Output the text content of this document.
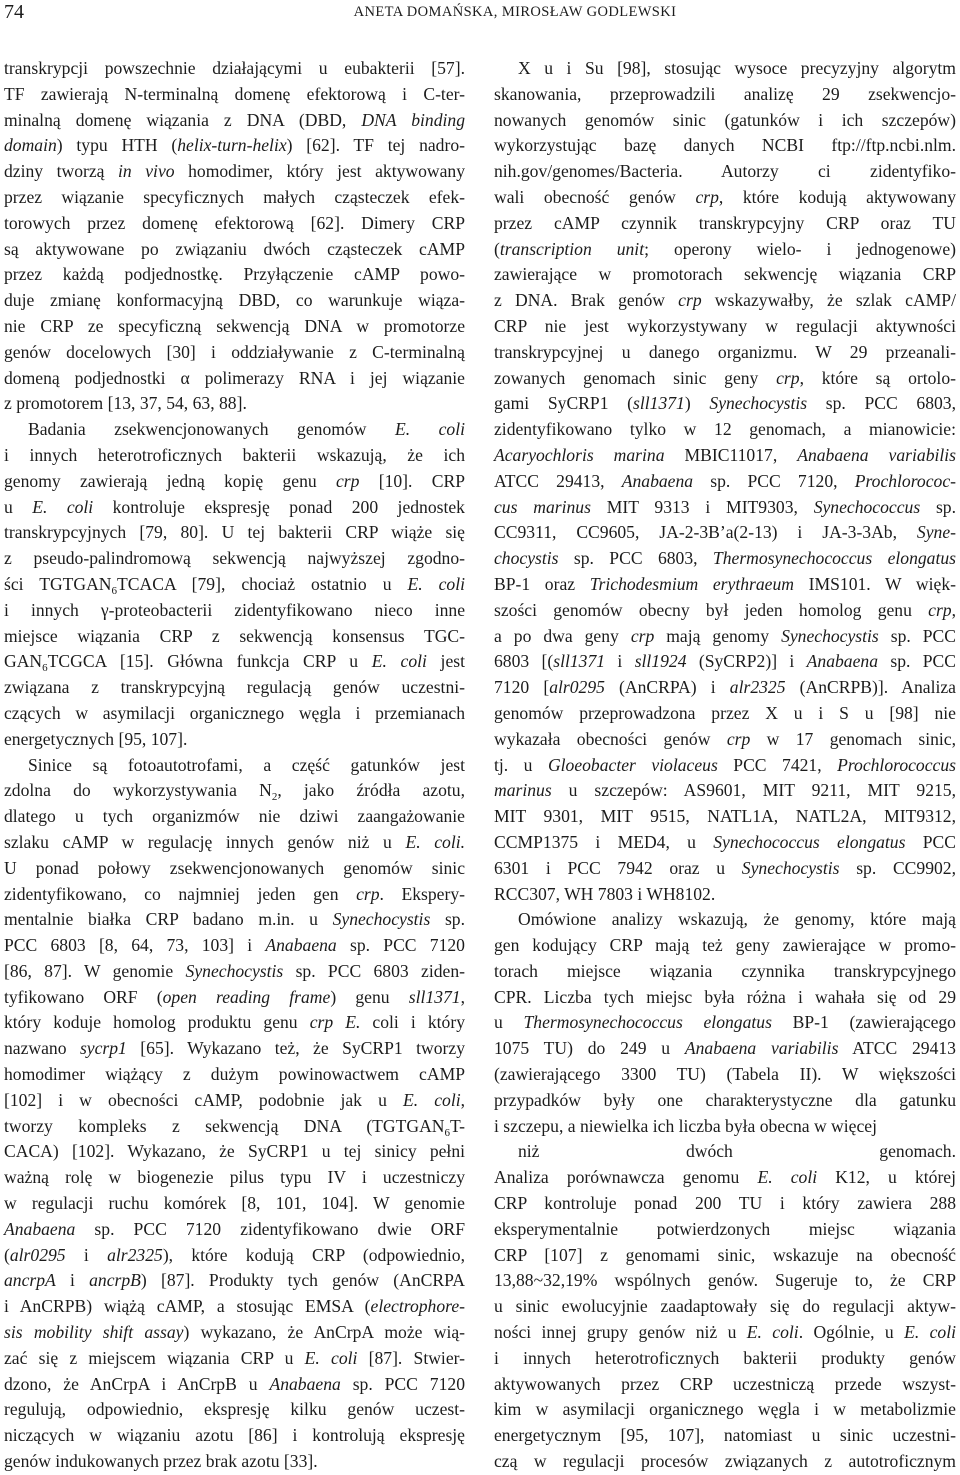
74	ANETA DOMAŃSKA, MIROSŁAW GODLEWSKI
transkrypcji powszechnie działającymi u eubakterii [57].
TF zawierają N-terminalną domenę efektorową i C-ter-
minalną domenę wiązania z DNA (DBD, DNA binding
domain) typu HTH (helix-turn-helix) [62]. TF tej nadro-
dziny tworzą in vivo homodimer, który jest aktywowany
przez wiązanie specyficznych małych cząsteczek efek-
torowych przez domenę efektorową [62]. Dimery CRP
są aktywowane po związaniu dwóch cząsteczek cAMP
przez każdą podjednostkę. Przyłączenie cAMP powo-
duje zmianę konformacyjną DBD, co warunkuje wiąza-
nie CRP ze specyficzną sekwencją DNA w promotorze
genów docelowych [30] i oddziaływanie z C-terminalną
domeną podjednostki α polimerazy RNA i jej wiązanie
z promotorem [13, 37, 54, 63, 88].
Badania zsekwencjonowanych genomów E. coli
i innych heterotroficznych bakterii wskazują, że ich
genomy zawierają jedną kopię genu crp [10]. CRP
u E. coli kontroluje ekspresję ponad 200 jednostek
transkrypcyjnych [79, 80]. U tej bakterii CRP wiąże się
z pseudo-palindromową sekwencją najwyższej zgodno-
ści $TGTGAN_6TCACA$ [79], chociaż ostatnio u E. coli
i innych γ-proteobacterii zidentyfikowano nieco inne
miejsce wiązania CRP z sekwencją konsensus TGC-
$GAN_6TCGCA$ [15]. Główna funkcja CRP u E. coli jest
związana z transkrypcyjną regulacją genów uczestni-
czących w asymilacji organicznego węgla i przemianach
energetycznych [95, 107].
Sinice są fotoautotrofami, a część gatunków jest
zdolna do wykorzystywania $N_2$, jako źródła azotu,
dlatego u tych organizmów nie dziwi zaangażowanie
szlaku cAMP w regulację innych genów niż u E. coli.
U ponad połowy zsekwencjonowanych genomów sinic
zidentyfikowano, co najmniej jeden gen crp. Ekspery-
mentalnie białka CRP badano m.in. u Synechocystis sp.
PCC 6803 [8, 64, 73, 103] i Anabaena sp. PCC 7120
[86, 87]. W genomie Synechocystis sp. PCC 6803 ziden-
tyfikowano ORF (open reading frame) genu sll1371,
który koduje homolog produktu genu crp E. coli i który
nazwano sycrp1 [65]. Wykazano też, że SyCRP1 tworzy
homodimer wiążący z dużym powinowactwem cAMP
[102] i w obecności cAMP, podobnie jak u E. coli,
tworzy kompleks z sekwencją DNA ($TGTGAN_6T-$
CACA) [102]. Wykazano, że SyCRP1 u tej sinicy pełni
ważną rolę w biogenezie pilus typu IV i uczestniczy
w regulacji ruchu komórek [8, 101, 104]. W genomie
Anabaena sp. PCC 7120 zidentyfikowano dwie ORF
(alr0295 i alr2325), które kodują CRP (odpowiednio,
ancrpA i ancrpB) [87]. Produkty tych genów (AnCRPA
i AnCRPB) wiążą cAMP, a stosując EMSA (electrophore-
sis mobility shift assay) wykazano, że AnCrpA może wią-
zać się z miejscem wiązania CRP u E. coli [87]. Stwier-
dzono, że AnCrpA i AnCrpB u Anabaena sp. PCC 7120
regulują, odpowiednio, ekspresję kilku genów uczest-
niczących w wiązaniu azotu [86] i kontrolują ekspresję
genów indukowanych przez brak azotu [33].
X u i Su [98], stosując wysoce precyzyjny algorytm
skanowania, przeprowadzili analizę 29 zsekwencjo-
nowanych genomów sinic (gatunków i ich szczepów)
wykorzystując bazę danych NCBI ftp://ftp.ncbi.nlm.
nih.gov/genomes/Bacteria. Autorzy ci zidentyfiko-
wali obecność genów crp, które kodują aktywowany
przez cAMP czynnik transkrypcyjny CRP oraz TU
(transcription unit; operony wielo- i jednogenowe)
zawierające w promotorach sekwencję wiązania CRP
z DNA. Brak genów crp wskazywałby, że szlak cAMP/
CRP nie jest wykorzystywany w regulacji aktywności
transkrypcyjnej u danego organizmu. W 29 przeanali-
zowanych genomach sinic geny crp, które są ortolo-
gami SyCRP1 (sll1371) Synechocystis sp. PCC 6803,
zidentyfikowano tylko w 12 genomach, a mianowicie:
Acaryochloris marina MBIC11017, Anabaena variabilis
ATCC 29413, Anabaena sp. PCC 7120, Prochlorococ-
cus marinus MIT 9313 i MIT9303, Synechococcus sp.
CC9311, CC9605, JA-2-3B’a(2-13) i JA-3-3Ab, Syne-
chocystis sp. PCC 6803, Thermosynechococcus elongatus
BP-1 oraz Trichodesmium erythraeum IMS101. W więk-
szości genomów obecny był jeden homolog genu crp,
a po dwa geny crp mają genomy Synechocystis sp. PCC
6803 [(sll1371 i sll1924 (SyCRP2)] i Anabaena sp. PCC
7120 [alr0295 (AnCRPA) i alr2325 (AnCRPB)]. Analiza
genomów przeprowadzona przez X u i S u [98] nie
wykazała obecności genów crp w 17 genomach sinic,
tj. u Gloeobacter violaceus PCC 7421, Prochlorococcus
marinus u szczepów: AS9601, MIT 9211, MIT 9215,
MIT 9301, MIT 9515, NATL1A, NATL2A, MIT9312,
CCMP1375 i MED4, u Synechococcus elongatus PCC
6301 i PCC 7942 oraz u Synechocystis sp. CC9902,
RCC307, WH 7803 i WH8102.
Omówione analizy wskazują, że genomy, które mają
gen kodujący CRP mają też geny zawierające w promo-
torach miejsce wiązania czynnika transkrypcyjnego
CPR. Liczba tych miejsc była różna i wahała się od 29
u Thermosynechococcus elongatus BP-1 (zawierającego
1075 TU) do 249 u Anabaena variabilis ATCC 29413
(zawierającego 3300 TU) (Tabela II). W większości
przypadków były one charakterystyczne dla gatunku
i szczepu, a niewielka ich liczba była obecna w więcej
niż dwóch genomach.
Analiza porównawcza genomu E. coli K12, u której
CRP kontroluje ponad 200 TU i który zawiera 288
eksperymentalnie potwierdzonych miejsc wiązania
CRP [107] z genomami sinic, wskazuje na obecność
13,88~32,19% wspólnych genów. Sugeruje to, że CRP
u sinic ewolucyjnie zaadaptowały się do regulacji aktyw-
ności innej grupy genów niż u E. coli. Ogólnie, u E. coli
i innych heterotroficznych bakterii produkty genów
aktywowanych przez CRP uczestniczą przede wszyst-
kim w asymilacji organicznego węgla i w metabolizmie
energetycznym [95, 107], natomiast u sinic uczestni-
czą w regulacji procesów związanych z autotroficznym
